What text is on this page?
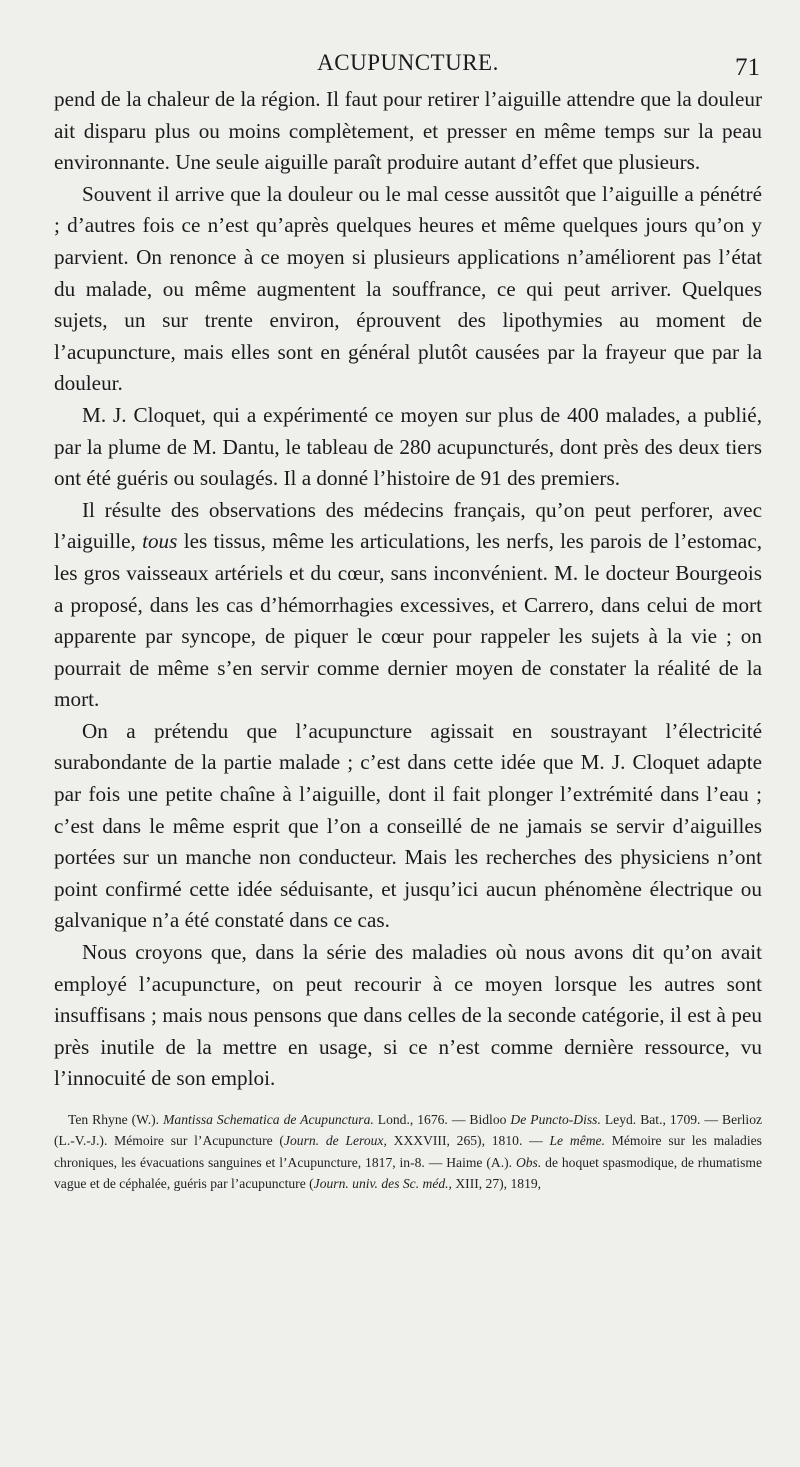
ACUPUNCTURE.	71

pend de la chaleur de la région. Il faut pour retirer l’aiguille attendre que la douleur ait disparu plus ou moins complètement, et presser en même temps sur la peau environnante. Une seule aiguille paraît produire autant d’effet que plusieurs.

Souvent il arrive que la douleur ou le mal cesse aussitôt que l’aiguille a pénétré ; d’autres fois ce n’est qu’après quelques heures et même quelques jours qu’on y parvient. On renonce à ce moyen si plusieurs applications n’améliorent pas l’état du malade, ou même augmentent la souffrance, ce qui peut arriver. Quelques sujets, un sur trente environ, éprouvent des lipothymies au moment de l’acupuncture, mais elles sont en général plutôt causées par la frayeur que par la douleur.

M. J. Cloquet, qui a expérimenté ce moyen sur plus de 400 malades, a publié, par la plume de M. Dantu, le tableau de 280 acupuncturés, dont près des deux tiers ont été guéris ou soulagés. Il a donné l’histoire de 91 des premiers.

Il résulte des observations des médecins français, qu’on peut perforer, avec l’aiguille, tous les tissus, même les articulations, les nerfs, les parois de l’estomac, les gros vaisseaux artériels et du cœur, sans inconvénient. M. le docteur Bourgeois a proposé, dans les cas d’hémorrhagies excessives, et Carrero, dans celui de mort apparente par syncope, de piquer le cœur pour rappeler les sujets à la vie ; on pourrait de même s’en servir comme dernier moyen de constater la réalité de la mort.

On a prétendu que l’acupuncture agissait en soustrayant l’électricité surabondante de la partie malade ; c’est dans cette idée que M. J. Cloquet adapte par fois une petite chaîne à l’aiguille, dont il fait plonger l’extrémité dans l’eau ; c’est dans le même esprit que l’on a conseillé de ne jamais se servir d’aiguilles portées sur un manche non conducteur. Mais les recherches des physiciens n’ont point confirmé cette idée séduisante, et jusqu’ici aucun phénomène électrique ou galvanique n’a été constaté dans ce cas.

Nous croyons que, dans la série des maladies où nous avons dit qu’on avait employé l’acupuncture, on peut recourir à ce moyen lorsque les autres sont insuffisans ; mais nous pensons que dans celles de la seconde catégorie, il est à peu près inutile de la mettre en usage, si ce n’est comme dernière ressource, vu l’innocuité de son emploi.

Ten Rhyne (W.). Mantissa Schematica de Acupunctura. Lond., 1676. — Bidloo De Puncto-Diss. Leyd. Bat., 1709. — Berlioz (L.-V.-J.). Mémoire sur l’Acupuncture (Journ. de Leroux, XXXVIII, 265), 1810. — Le même. Mémoire sur les maladies chroniques, les évacuations sanguines et l’Acupuncture, 1817, in-8. — Haime (A.). Obs. de hoquet spasmodique, de rhumatisme vague et de céphalée, guéris par l’acupuncture (Journ. univ. des Sc. méd., XIII, 27), 1819,
